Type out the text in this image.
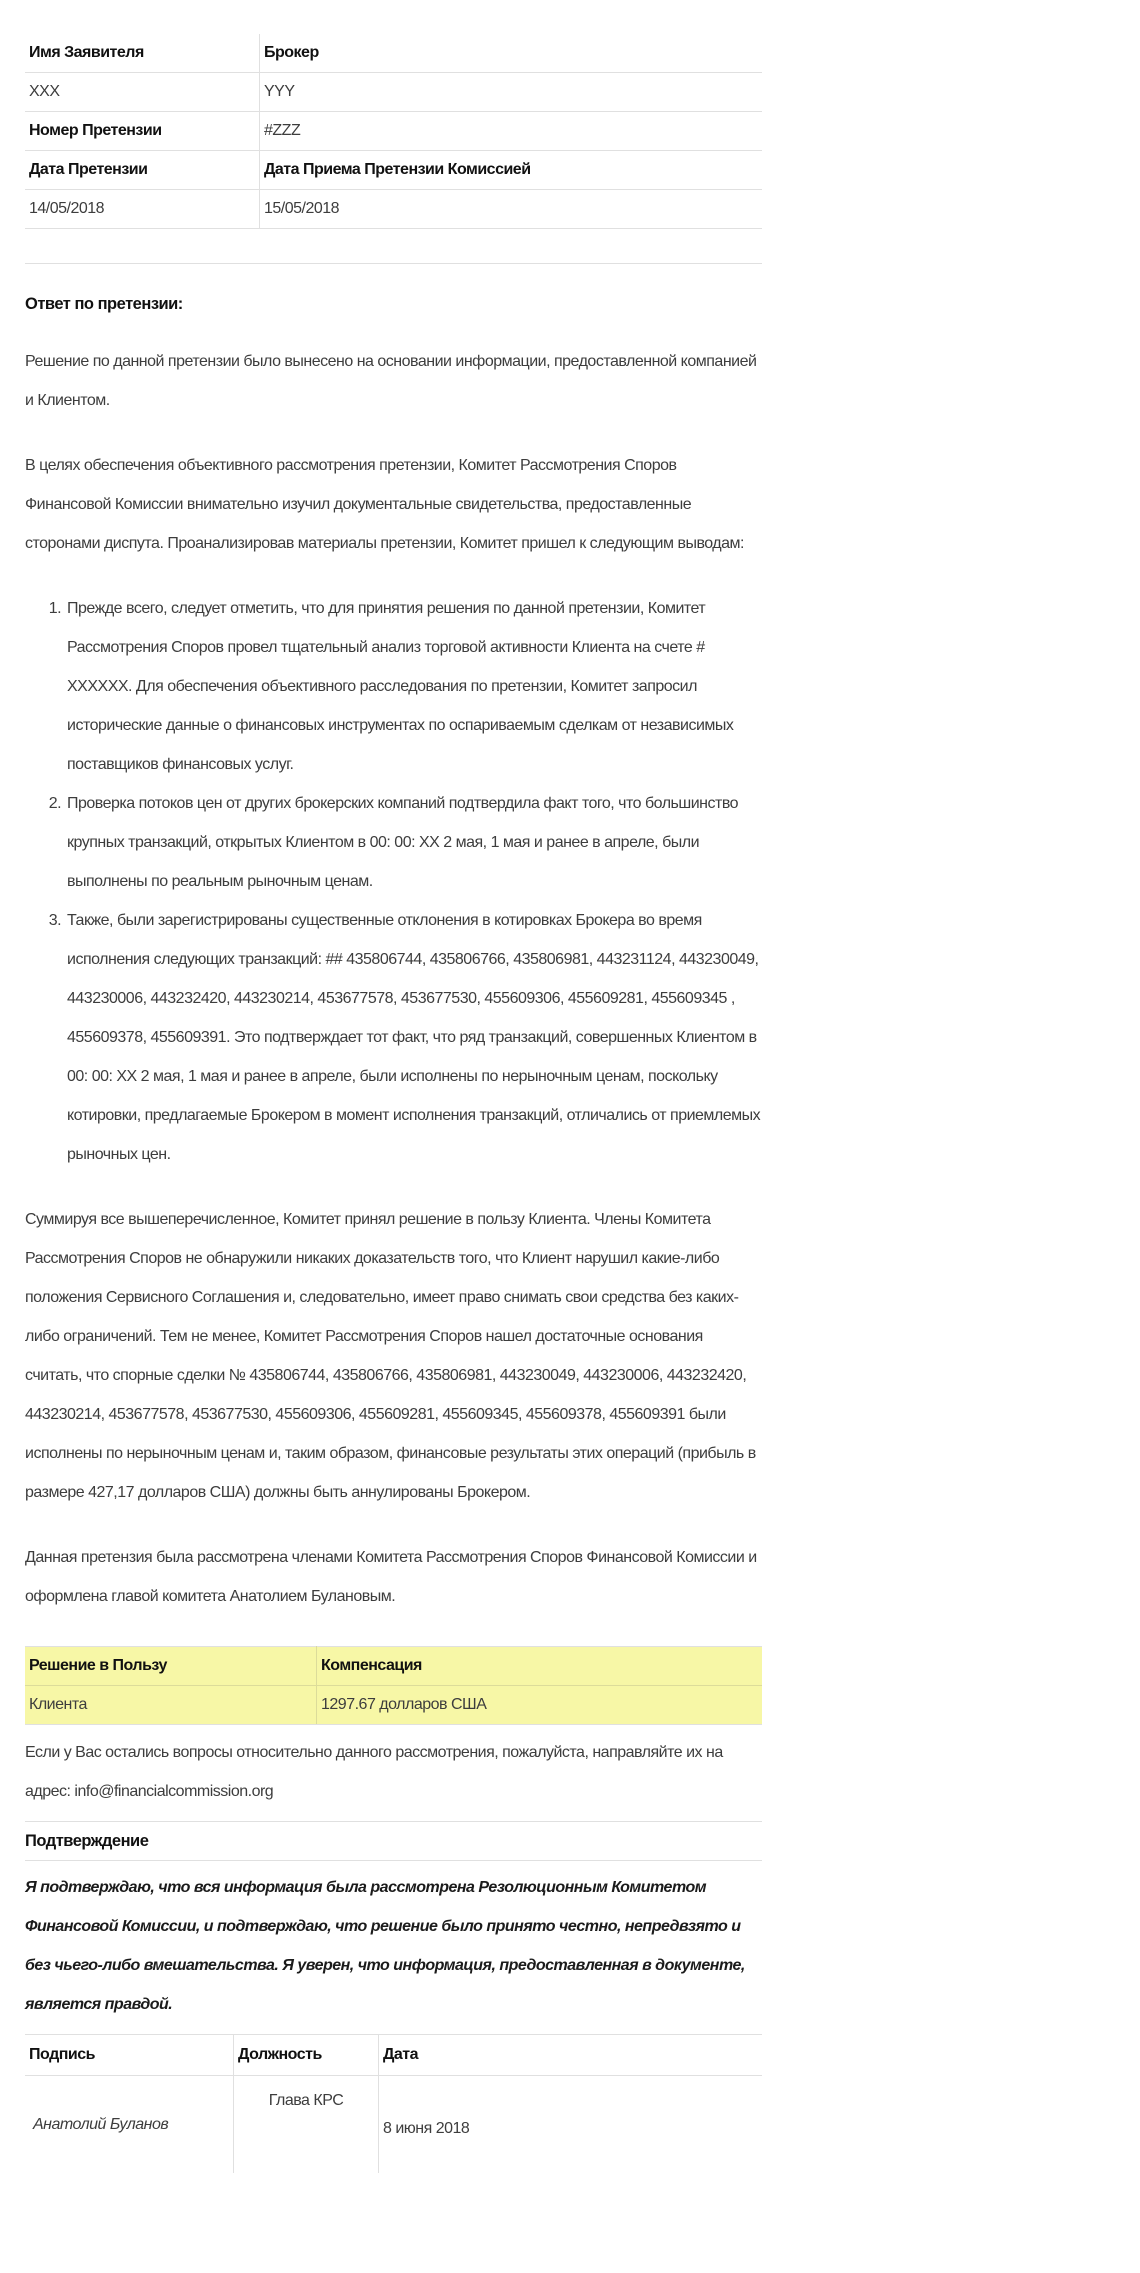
Имя Заявителя	Брокер
XXX	YYY
Номер Претензии	#ZZZ
Дата Претензии	Дата Приема Претензии Комиссией
14/05/2018	15/05/2018

Ответ по претензии:

Решение по данной претензии было вынесено на основании информации, предоставленной компанией и Клиентом.

В целях обеспечения объективного рассмотрения претензии, Комитет Рассмотрения Споров Финансовой Комиссии внимательно изучил документальные свидетельства, предоставленные сторонами диспута. Проанализировав материалы претензии, Комитет пришел к следующим выводам:

1. Прежде всего, следует отметить, что для принятия решения по данной претензии, Комитет Рассмотрения Споров провел тщательный анализ торговой активности Клиента на счете # XXXXXX. Для обеспечения объективного расследования по претензии, Комитет запросил исторические данные о финансовых инструментах по оспариваемым сделкам от независимых поставщиков финансовых услуг.
2. Проверка потоков цен от других брокерских компаний подтвердила факт того, что большинство крупных транзакций, открытых Клиентом в 00: 00: XX 2 мая, 1 мая и ранее в апреле, были выполнены по реальным рыночным ценам.
3. Также, были зарегистрированы существенные отклонения в котировках Брокера во время исполнения следующих транзакций: ## 435806744, 435806766, 435806981, 443231124, 443230049, 443230006, 443232420, 443230214, 453677578, 453677530, 455609306, 455609281, 455609345 , 455609378, 455609391. Это подтверждает тот факт, что ряд транзакций, совершенных Клиентом в 00: 00: XX 2 мая, 1 мая и ранее в апреле, были исполнены по нерыночным ценам, поскольку котировки, предлагаемые Брокером в момент исполнения транзакций, отличались от приемлемых рыночных цен.

Суммируя все вышеперечисленное, Комитет принял решение в пользу Клиента. Члены Комитета Рассмотрения Споров не обнаружили никаких доказательств того, что Клиент нарушил какие-либо положения Сервисного Соглашения и, следовательно, имеет право снимать свои средства без каких-либо ограничений. Тем не менее, Комитет Рассмотрения Споров нашел достаточные основания считать, что спорные сделки № 435806744, 435806766, 435806981, 443230049, 443230006, 443232420, 443230214, 453677578, 453677530, 455609306, 455609281, 455609345, 455609378, 455609391 были исполнены по нерыночным ценам и, таким образом, финансовые результаты этих операций (прибыль в размере 427,17 долларов США) должны быть аннулированы Брокером.

Данная претензия была рассмотрена членами Комитета Рассмотрения Споров Финансовой Комиссии и оформлена главой комитета Анатолием Булановым.

Решение в Пользу	Компенсация
Клиента	1297.67 долларов США

Если у Вас остались вопросы относительно данного рассмотрения, пожалуйста, направляйте их на адрес: info@financialcommission.org

Подтверждение

Я подтверждаю, что вся информация была рассмотрена Резолюционным Комитетом Финансовой Комиссии, и подтверждаю, что решение было принято честно, непредвзято и без чьего-либо вмешательства. Я уверен, что информация, предоставленная в документе, является правдой.

Подпись	Должность	Дата
Анатолий Буланов	Глава КРС	8 июня 2018
